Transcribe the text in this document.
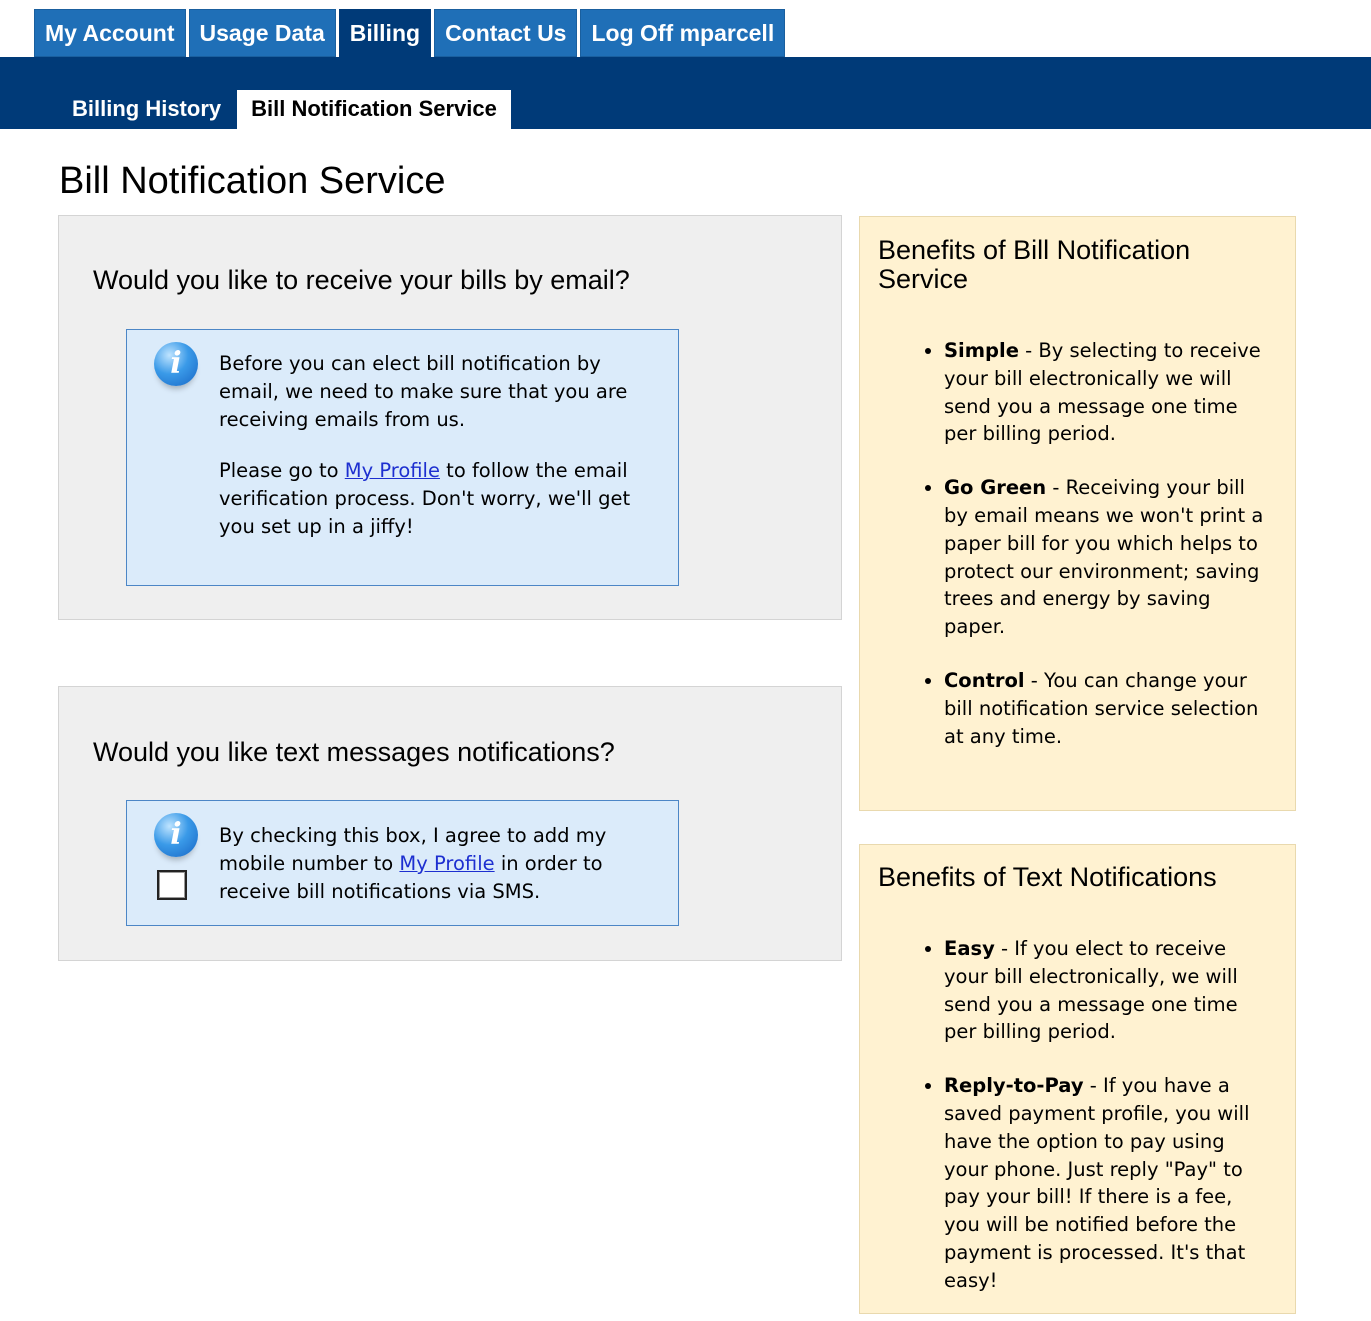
My Account	Usage Data	Billing	Contact Us	Log Off mparcell
Billing History	Bill Notification Service
Bill Notification Service
Would you like to receive your bills by email?
i	Before you can elect bill notification by email, we need to make sure that you are receiving emails from us.

Please go to My Profile to follow the email verification process. Don't worry, we'll get you set up in a jiffy!

Would you like text messages notifications?
i	By checking this box, I agree to add my mobile number to My Profile in order to receive bill notifications via SMS.

Benefits of Bill Notification Service
• Simple - By selecting to receive your bill electronically we will send you a message one time per billing period.
• Go Green - Receiving your bill by email means we won't print a paper bill for you which helps to protect our environment; saving trees and energy by saving paper.
• Control - You can change your bill notification service selection at any time.
Benefits of Text Notifications
• Easy - If you elect to receive your bill electronically, we will send you a message one time per billing period.
• Reply-to-Pay - If you have a saved payment profile, you will have the option to pay using your phone. Just reply "Pay" to pay your bill! If there is a fee, you will be notified before the payment is processed. It's that easy!
